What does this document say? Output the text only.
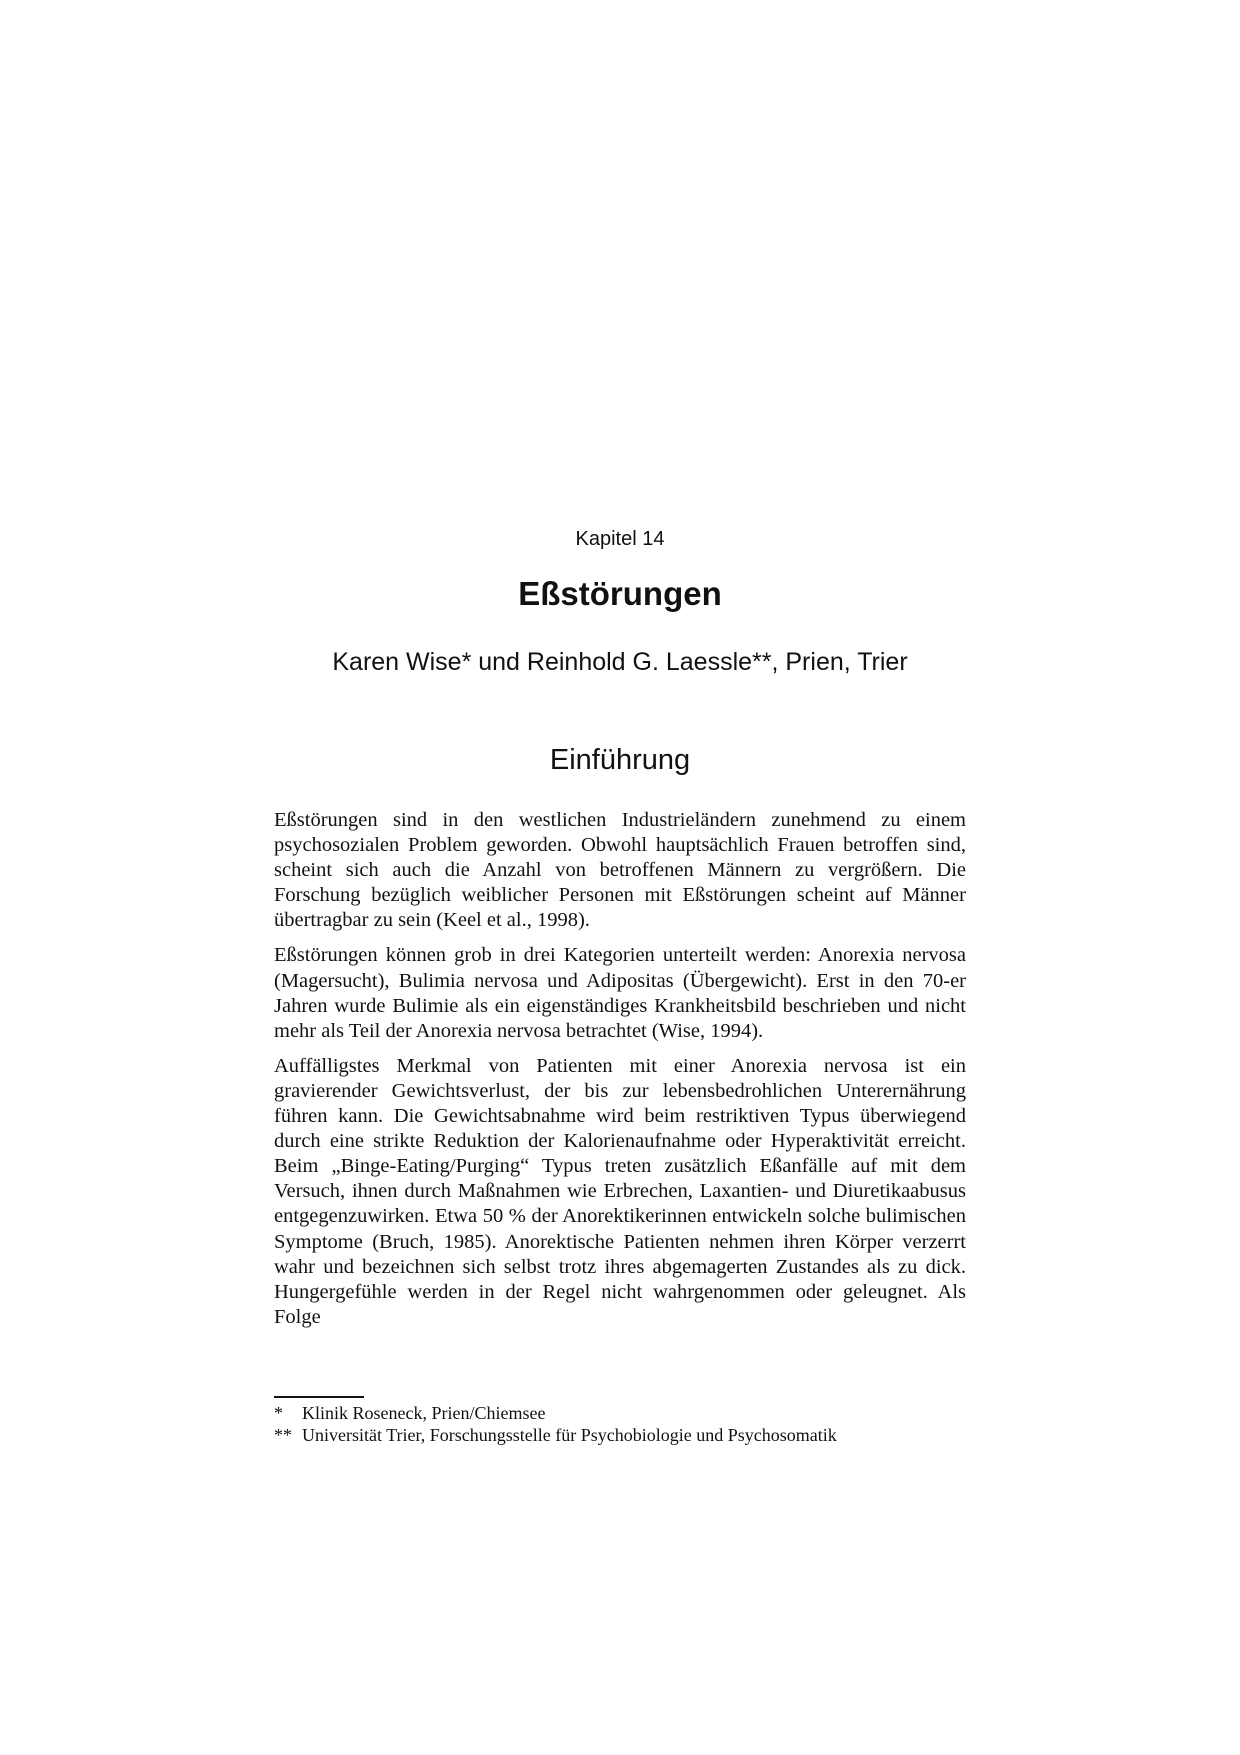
Kapitel 14
Eßstörungen
Karen Wise* und Reinhold G. Laessle**, Prien, Trier
Einführung

Eßstörungen sind in den westlichen Industrieländern zunehmend zu einem psychosozialen Problem geworden. Obwohl hauptsächlich Frauen betroffen sind, scheint sich auch die Anzahl von betroffenen Männern zu vergrößern. Die Forschung bezüglich weiblicher Personen mit Eßstörungen scheint auf Männer übertragbar zu sein (Keel et al., 1998).

Eßstörungen können grob in drei Kategorien unterteilt werden: Anorexia nervosa (Magersucht), Bulimia nervosa und Adipositas (Übergewicht). Erst in den 70-er Jahren wurde Bulimie als ein eigenständiges Krankheitsbild beschrieben und nicht mehr als Teil der Anorexia nervosa betrachtet (Wise, 1994).

Auffälligstes Merkmal von Patienten mit einer Anorexia nervosa ist ein gravierender Gewichtsverlust, der bis zur lebensbedrohlichen Unterernährung führen kann. Die Gewichtsabnahme wird beim restriktiven Typus überwiegend durch eine strikte Reduktion der Kalorienaufnahme oder Hyperaktivität erreicht. Beim „Binge-Eating/Purging“ Typus treten zusätzlich Eßanfälle auf mit dem Versuch, ihnen durch Maßnahmen wie Erbrechen, Laxantien- und Diuretikaabusus entgegenzuwirken. Etwa 50 % der Anorektikerinnen entwickeln solche bulimischen Symptome (Bruch, 1985). Anorektische Patienten nehmen ihren Körper verzerrt wahr und bezeichnen sich selbst trotz ihres abgemagerten Zustandes als zu dick. Hungergefühle werden in der Regel nicht wahrgenommen oder geleugnet. Als Folge

*	Klinik Roseneck, Prien/Chiemsee
** Universität Trier, Forschungsstelle für Psychobiologie und Psychosomatik
